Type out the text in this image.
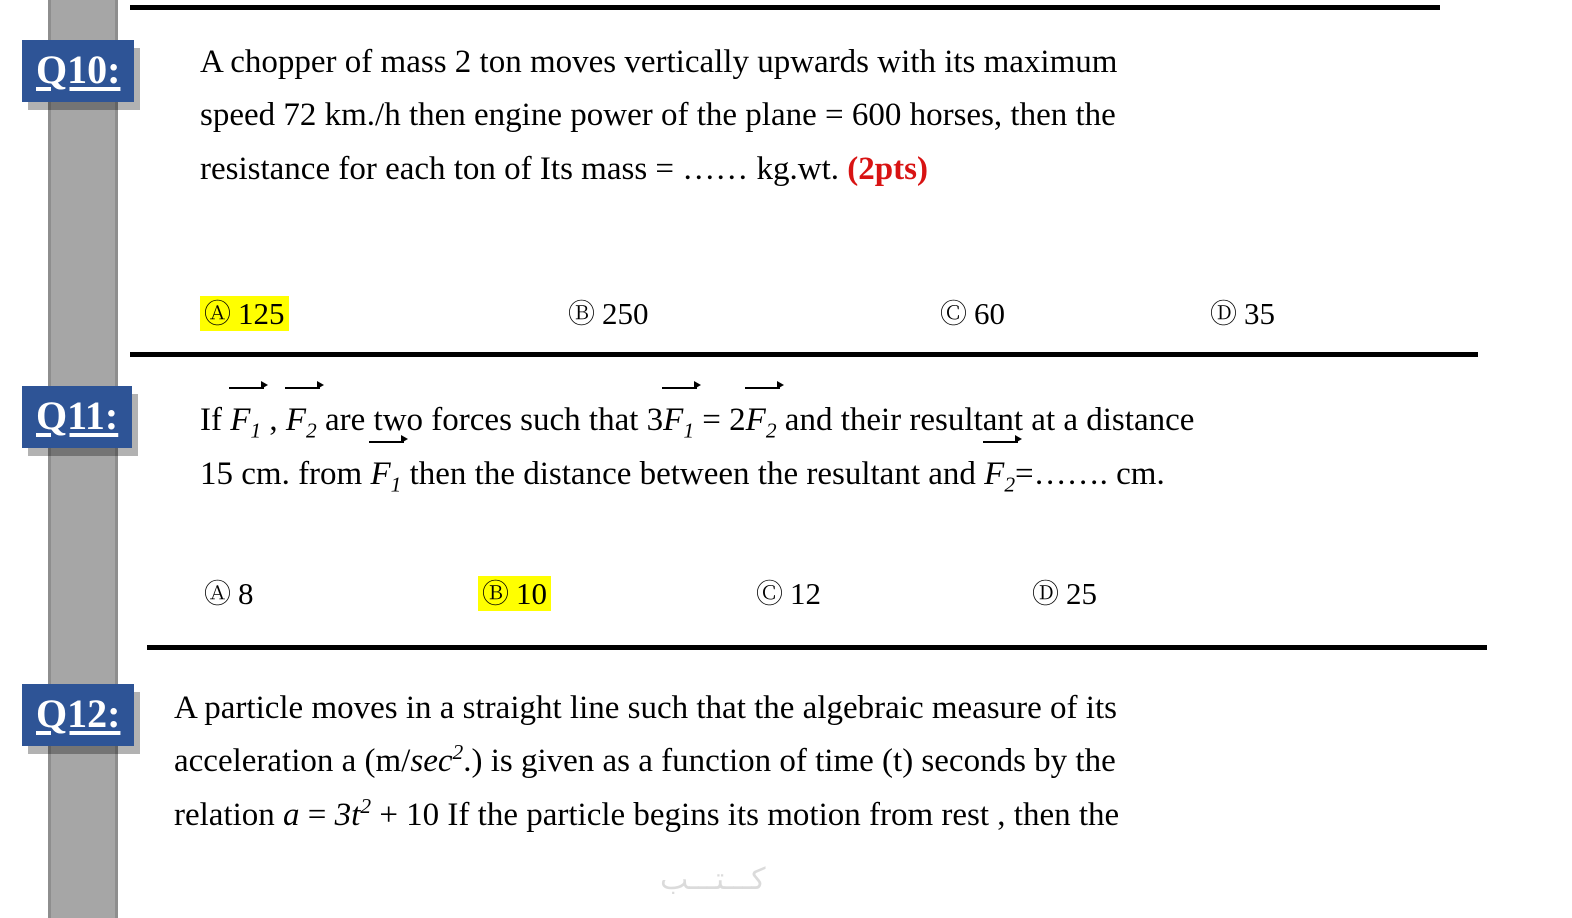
Q10:	A chopper of mass 2 ton moves vertically upwards with its maximum
speed 72 km./h then engine power of the plane = 600 horses, then the
resistance for each ton of Its mass = …… kg.wt. (2pts)
Ⓐ 125	Ⓑ 250	Ⓒ 60	Ⓓ 35
Q11:	If $F_1$
, $F_2$
are two forces such that $3F_1$
= $2F_2$
and their resultant at a distance
15 cm. from $F_1$
then the distance between the resultant and $F_2$
=……. cm.
Ⓐ 8	Ⓑ 10	Ⓒ 12	Ⓓ 25
Q12:	A particle moves in a straight line such that the algebraic measure of its
acceleration a $(m/\sec^2.)$ is given as a function of time (t) seconds by the
relation $a = 3t^2 + 10$ If the particle begins its motion from rest , then the
كـــتـــب
